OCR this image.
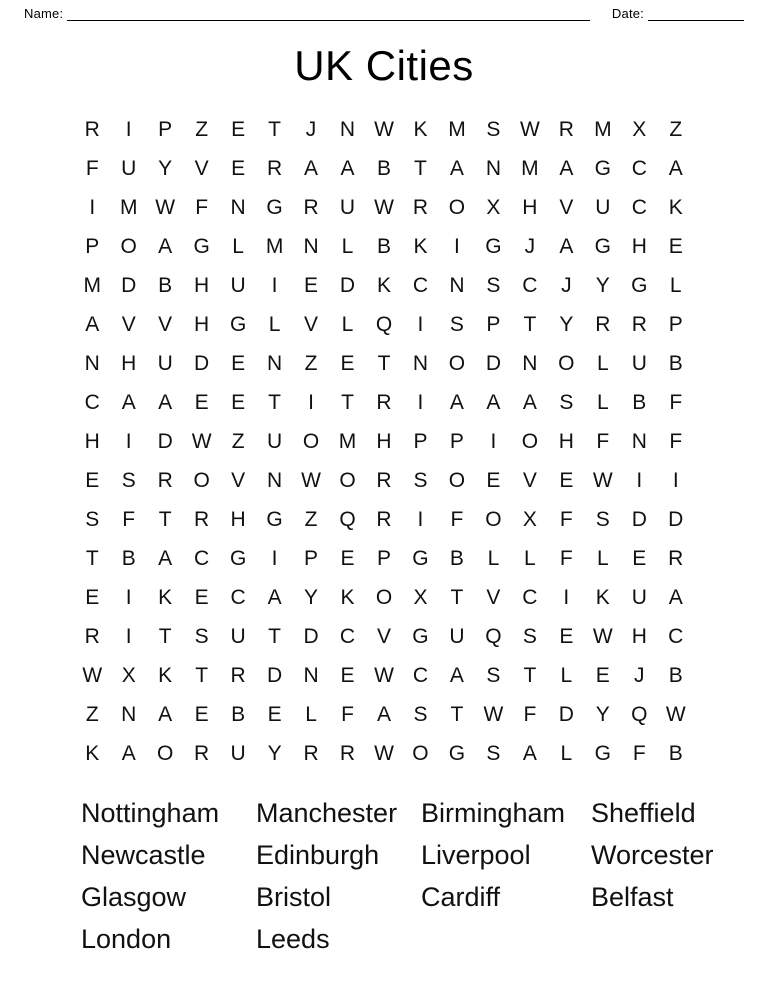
Name:	Date:
UK Cities
R I P Z E T J N W K M S W R M X Z
F U Y V E R A A B T A N M A G C A
I M W F N G R U W R O X H V U C K
P O A G L M N L B K I G J A G H E
M D B H U I E D K C N S C J Y G L
A V V H G L V L Q I S P T Y R R P
N H U D E N Z E T N O D N O L U B
C A A E E T I T R I A A A S L B F
H I D W Z U O M H P P I O H F N F
E S R O V N W O R S O E V E W I I
S F T R H G Z Q R I F O X F S D D
T B A C G I P E P G B L L F L E R
E I K E C A Y K O X T V C I K U A
R I T S U T D C V G U Q S E W H C
W X K T R D N E W C A S T L E J B
Z N A E B E L F A S T W F D Y Q W
K A O R U Y R R W O G S A L G F B
Nottingham	Manchester Birmingham Sheffield
Newcastle	Edinburgh	Liverpool	Worcester
Glasgow	Bristol	Cardiff	Belfast
London	Leeds
